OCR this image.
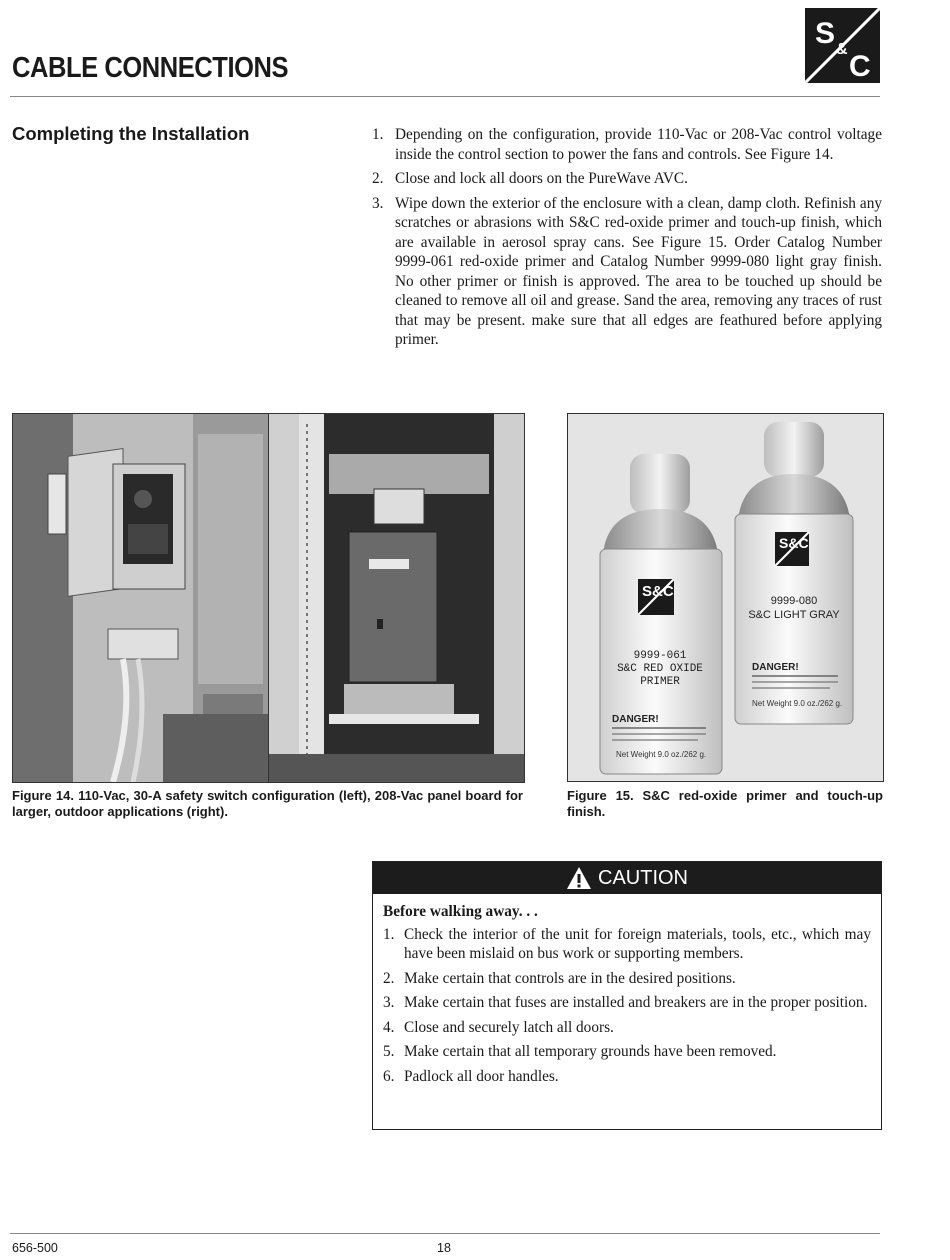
CABLE CONNECTIONS
S &
C
Completing the Installation	1. Depending on the configuration, provide 110-Vac or 208-Vac control voltage inside the control section to power the fans and controls. See Figure 14.
2. Close and lock all doors on the PureWave AVC.
3. Wipe down the exterior of the enclosure with a clean, damp cloth. Refinish any scratches or abrasions with S&C red-oxide primer and touch-up finish, which are available in aerosol spray cans. See Figure 15. Order Catalog Number 9999-061 red-oxide primer and Catalog Number 9999-080 light gray finish. No other primer or finish is approved. The area to be touched up should be cleaned to remove all oil and grease. Sand the area, removing any traces of rust that may be present. make sure that all edges are feathured before applying primer.
Figure 14. 110-Vac, 30-A safety switch configuration (left), 208-Vac panel board for larger, outdoor applications (right).
S&C
9999-080
S&C LIGHT GRAY
DANGER!
Net Weight 9.0 oz./262 g.
S&C
9999-061
S&C RED OXIDE
PRIMER
DANGER!
Net Weight 9.0 oz./262 g.
Figure 15. S&C red-oxide primer and touch-up finish.
CAUTION
Before walking away. . .
1. Check the interior of the unit for foreign materials, tools, etc., which may have been mislaid on bus work or supporting members.
2. Make certain that controls are in the desired positions.
3. Make certain that fuses are installed and breakers are in the proper position.
4. Close and securely latch all doors.
5. Make certain that all temporary grounds have been removed.
6. Padlock all door handles.
656-500	18
